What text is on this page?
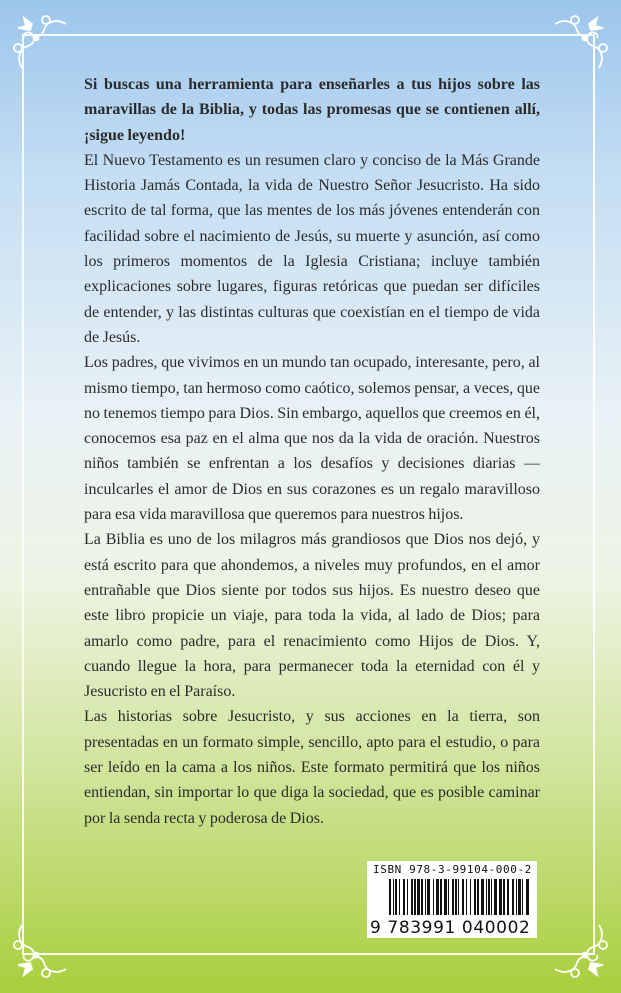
Si buscas una herramienta para enseñarles a tus hijos sobre las maravillas de la Biblia, y todas las promesas que se contienen allí, ¡sigue leyendo!

El Nuevo Testamento es un resumen claro y conciso de la Más Grande Historia Jamás Contada, la vida de Nuestro Señor Jesucristo. Ha sido escrito de tal forma, que las mentes de los más jóvenes entenderán con facilidad sobre el nacimiento de Jesús, su muerte y asunción, así como los primeros momentos de la Iglesia Cristiana; incluye también explicaciones sobre lugares, figuras retóricas que puedan ser difíciles de entender, y las distintas culturas que coexistían en el tiempo de vida de Jesús.

Los padres, que vivimos en un mundo tan ocupado, interesante, pero, al mismo tiempo, tan hermoso como caótico, solemos pensar, a veces, que no tenemos tiempo para Dios. Sin embargo, aquellos que creemos en él, conocemos esa paz en el alma que nos da la vida de oración. Nuestros niños también se enfrentan a los desafíos y decisiones diarias —inculcarles el amor de Dios en sus corazones es un regalo maravilloso para esa vida maravillosa que queremos para nuestros hijos.

La Biblia es uno de los milagros más grandiosos que Dios nos dejó, y está escrito para que ahondemos, a niveles muy profundos, en el amor entrañable que Dios siente por todos sus hijos. Es nuestro deseo que este libro propicie un viaje, para toda la vida, al lado de Dios; para amarlo como padre, para el renacimiento como Hijos de Dios. Y, cuando llegue la hora, para permanecer toda la eternidad con él y Jesucristo en el Paraíso.

Las historias sobre Jesucristo, y sus acciones en la tierra, son presentadas en un formato simple, sencillo, apto para el estudio, o para ser leído en la cama a los niños. Este formato permitirá que los niños entiendan, sin importar lo que diga la sociedad, que es posible caminar por la senda recta y poderosa de Dios.

ISBN 978-3-99104-000-2
9 783991 040002
